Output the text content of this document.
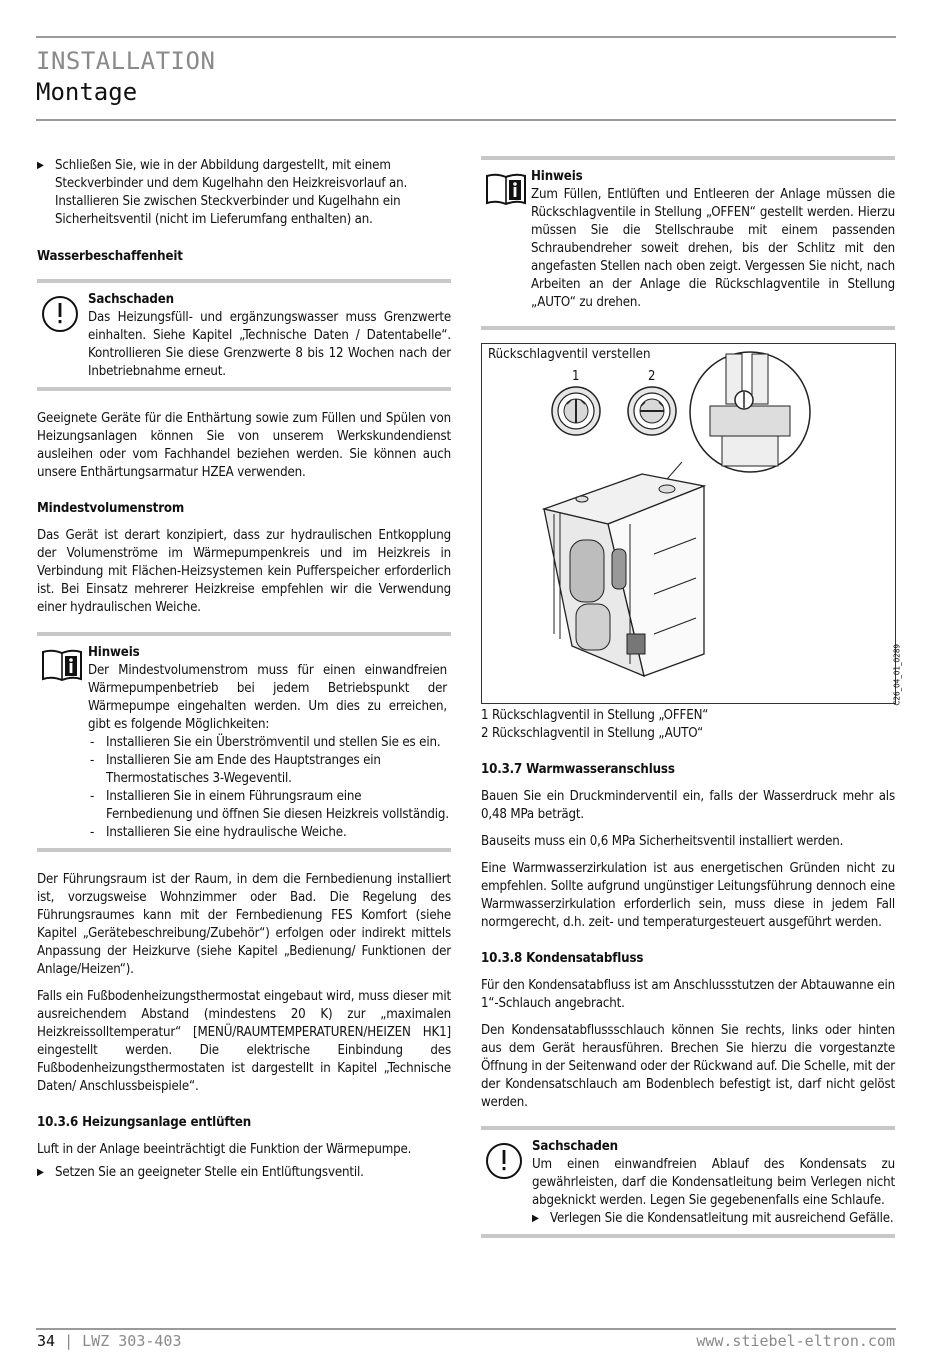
INSTALLATION
Montage

▶ Schließen Sie, wie in der Abbildung dargestellt, mit einem Steckverbinder und dem Kugelhahn den Heizkreisvorlauf an. Installieren Sie zwischen Steckverbinder und Kugelhahn ein Sicherheitsventil (nicht im Lieferumfang enthalten) an.

Wasserbeschaffenheit

Sachschaden

Das Heizungsfüll- und ergänzungswasser muss Grenzwerte einhalten. Siehe Kapitel „Technische Daten / Datentabelle“. Kontrollieren Sie diese Grenzwerte 8 bis 12 Wochen nach der Inbetriebnahme erneut.

Geeignete Geräte für die Enthärtung sowie zum Füllen und Spülen von Heizungsanlagen können Sie von unserem Werkskundendienst ausleihen oder vom Fachhandel beziehen werden. Sie können auch unsere Enthärtungsarmatur HZEA verwenden.

Mindestvolumenstrom

Das Gerät ist derart konzipiert, dass zur hydraulischen Entkopplung der Volumenströme im Wärmepumpenkreis und im Heizkreis in Verbindung mit Flächen-Heizsystemen kein Pufferspeicher erforderlich ist. Bei Einsatz mehrerer Heizkreise empfehlen wir die Verwendung einer hydraulischen Weiche.

Hinweis

Der Mindestvolumenstrom muss für einen einwandfreien Wärmepumpenbetrieb bei jedem Betriebspunkt der Wärmepumpe eingehalten werden. Um dies zu erreichen, gibt es folgende Möglichkeiten:

- Installieren Sie ein Überströmventil und stellen Sie es ein.

- Installieren Sie am Ende des Hauptstranges ein Thermostatisches 3-Wegeventil.

- Installieren Sie in einem Führungsraum eine Fernbedienung und öffnen Sie diesen Heizkreis vollständig.

- Installieren Sie eine hydraulische Weiche.

Der Führungsraum ist der Raum, in dem die Fernbedienung installiert ist, vorzugsweise Wohnzimmer oder Bad. Die Regelung des Führungsraumes kann mit der Fernbedienung FES Komfort (siehe Kapitel „Gerätebeschreibung/Zubehör“) erfolgen oder indirekt mittels Anpassung der Heizkurve (siehe Kapitel „Bedienung/ Funktionen der Anlage/Heizen“).

Falls ein Fußbodenheizungsthermostat eingebaut wird, muss dieser mit ausreichendem Abstand (mindestens 20 K) zur „maximalen Heizkreissolltemperatur“ [MENÜ/RAUMTEMPERATUREN/HEIZEN HK1] eingestellt werden. Die elektrische Einbindung des Fußbodenheizungsthermostaten ist dargestellt in Kapitel „Technische Daten/ Anschlussbeispiele“.

10.3.6 Heizungsanlage entlüften

Luft in der Anlage beeinträchtigt die Funktion der Wärmepumpe.

▶ Setzen Sie an geeigneter Stelle ein Entlüftungsventil.

Hinweis

Zum Füllen, Entlüften und Entleeren der Anlage müssen die Rückschlagventile in Stellung „OFFEN“ gestellt werden. Hierzu müssen Sie die Stellschraube mit einem passenden Schraubendreher soweit drehen, bis der Schlitz mit den angefasten Stellen nach oben zeigt. Vergessen Sie nicht, nach Arbeiten an der Anlage die Rückschlagventile in Stellung „AUTO“ zu drehen.

Rückschlagventil verstellen
1	2
C26_04_01_0289

1 Rückschlagventil in Stellung „OFFEN“

2 Rückschlagventil in Stellung „AUTO“

10.3.7 Warmwasseranschluss

Bauen Sie ein Druckminderventil ein, falls der Wasserdruck mehr als 0,48 MPa beträgt.

Bauseits muss ein 0,6 MPa Sicherheitsventil installiert werden.

Eine Warmwasserzirkulation ist aus energetischen Gründen nicht zu empfehlen. Sollte aufgrund ungünstiger Leitungsführung dennoch eine Warmwasserzirkulation erforderlich sein, muss diese in jedem Fall normgerecht, d.h. zeit- und temperaturgesteuert ausgeführt werden.

10.3.8 Kondensatabfluss

Für den Kondensatabfluss ist am Anschlussstutzen der Abtauwanne ein 1“-Schlauch angebracht.

Den Kondensatabflussschlauch können Sie rechts, links oder hinten aus dem Gerät herausführen. Brechen Sie hierzu die vorgestanzte Öffnung in der Seitenwand oder der Rückwand auf. Die Schelle, mit der der Kondensatschlauch am Bodenblech befestigt ist, darf nicht gelöst werden.

Sachschaden

Um einen einwandfreien Ablauf des Kondensats zu gewährleisten, darf die Kondensatleitung beim Verlegen nicht abgeknickt werden. Legen Sie gegebenenfalls eine Schlaufe.

▶ Verlegen Sie die Kondensatleitung mit ausreichend Gefälle.

34 | LWZ 303-403	www.stiebel-eltron.com
